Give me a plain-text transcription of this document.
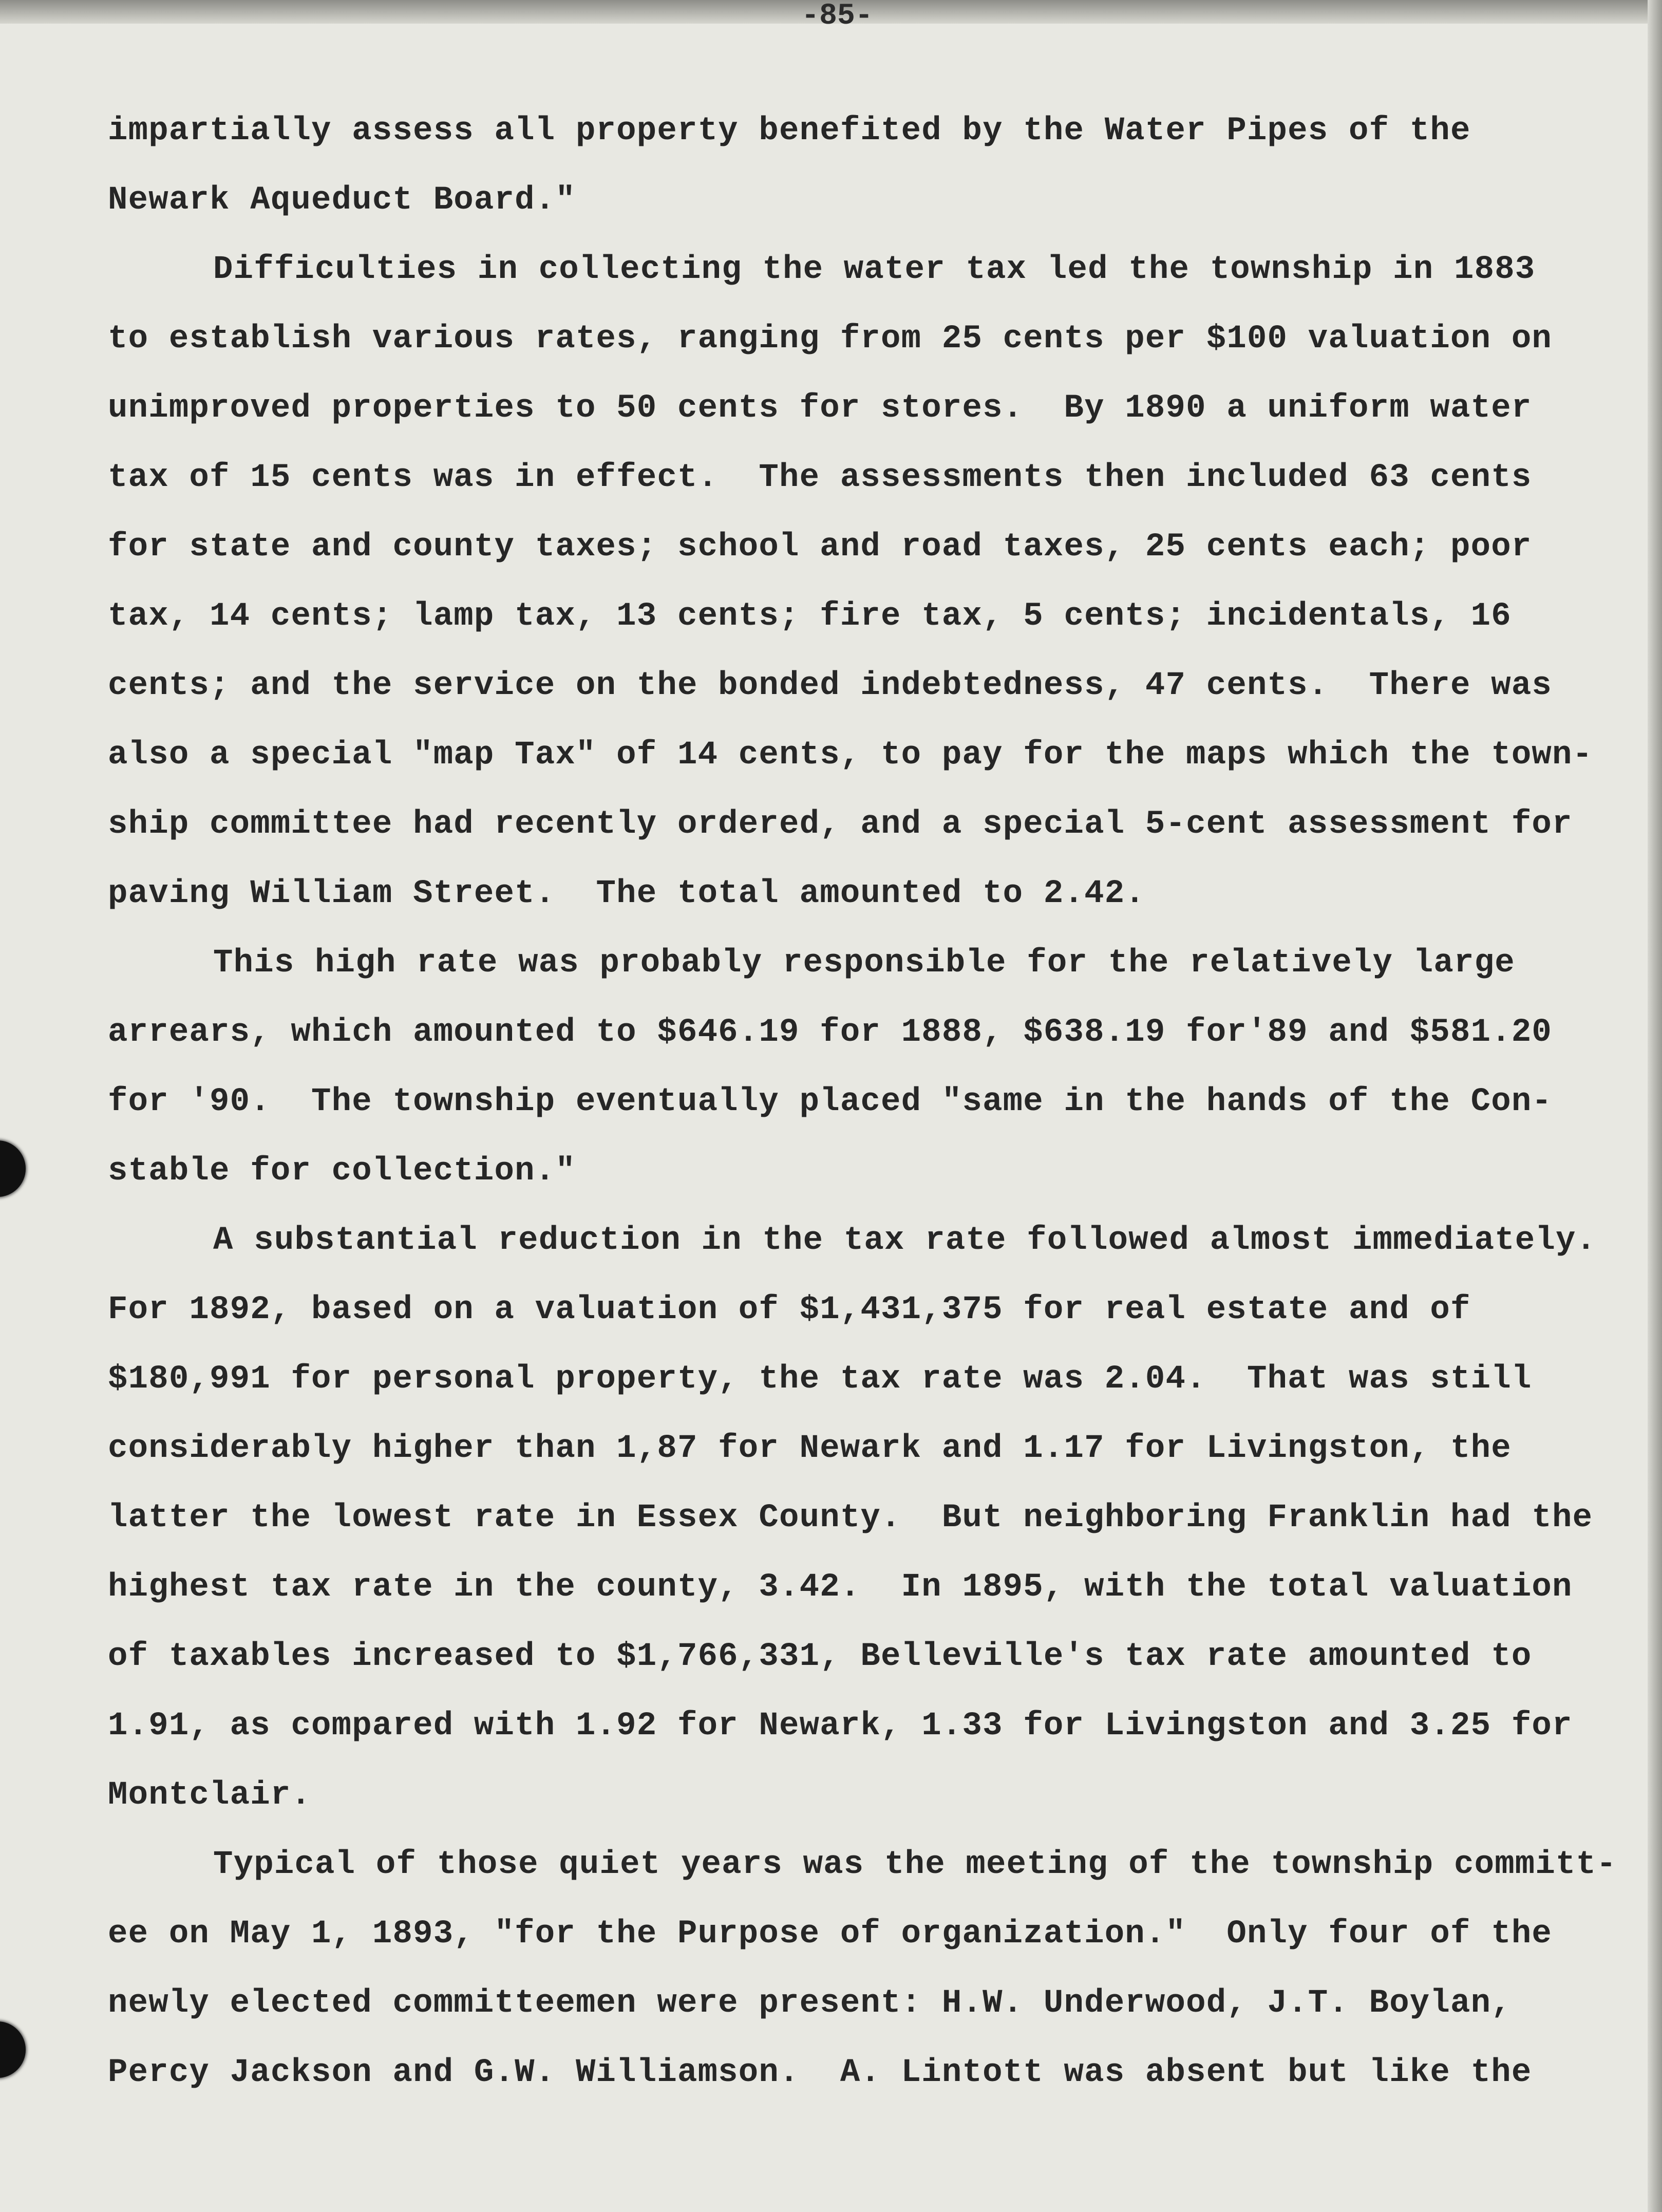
-85-
impartially assess all property benefited by the Water Pipes of the
Newark Aqueduct Board."
Difficulties in collecting the water tax led the township in 1883
to establish various rates, ranging from 25 cents per $100 valuation on
unimproved properties to 50 cents for stores.  By 1890 a uniform water
tax of 15 cents was in effect.  The assessments then included 63 cents
for state and county taxes; school and road taxes, 25 cents each; poor
tax, 14 cents; lamp tax, 13 cents; fire tax, 5 cents; incidentals, 16
cents; and the service on the bonded indebtedness, 47 cents.  There was
also a special "map Tax" of 14 cents, to pay for the maps which the town-
ship committee had recently ordered, and a special 5-cent assessment for
paving William Street.  The total amounted to 2.42.
This high rate was probably responsible for the relatively large
arrears, which amounted to $646.19 for 1888, $638.19 for'89 and $581.20
for '90.  The township eventually placed "same in the hands of the Con-
stable for collection."
A substantial reduction in the tax rate followed almost immediately.
For 1892, based on a valuation of $1,431,375 for real estate and of
$180,991 for personal property, the tax rate was 2.04.  That was still
considerably higher than 1,87 for Newark and 1.17 for Livingston, the
latter the lowest rate in Essex County.  But neighboring Franklin had the
highest tax rate in the county, 3.42.  In 1895, with the total valuation
of taxables increased to $1,766,331, Belleville's tax rate amounted to
1.91, as compared with 1.92 for Newark, 1.33 for Livingston and 3.25 for
Montclair.
Typical of those quiet years was the meeting of the township committ-
ee on May 1, 1893, "for the Purpose of organization."  Only four of the
newly elected committeemen were present: H.W. Underwood, J.T. Boylan,
Percy Jackson and G.W. Williamson.  A. Lintott was absent but like the
